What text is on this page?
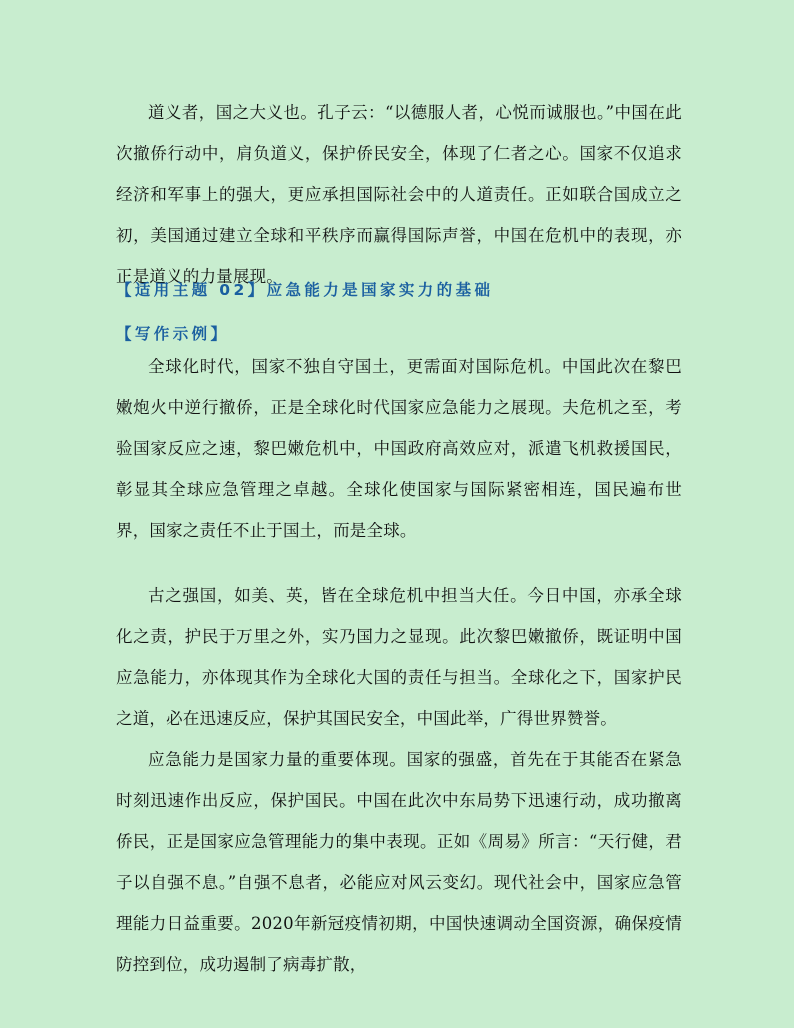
道义者，国之大义也。孔子云：“以德服人者，心悦而诚服也。”中国在此次撤侨行动中，肩负道义，保护侨民安全，体现了仁者之心。国家不仅追求经济和军事上的强大，更应承担国际社会中的人道责任。正如联合国成立之初，美国通过建立全球和平秩序而赢得国际声誉，中国在危机中的表现，亦正是道义的力量展现。

【适用主题 02】应急能力是国家实力的基础

【写作示例】

全球化时代，国家不独自守国土，更需面对国际危机。中国此次在黎巴嫩炮火中逆行撤侨，正是全球化时代国家应急能力之展现。夫危机之至，考验国家反应之速，黎巴嫩危机中，中国政府高效应对，派遣飞机救援国民，彰显其全球应急管理之卓越。全球化使国家与国际紧密相连，国民遍布世界，国家之责任不止于国土，而是全球。

古之强国，如美、英，皆在全球危机中担当大任。今日中国，亦承全球化之责，护民于万里之外，实乃国力之显现。此次黎巴嫩撤侨，既证明中国应急能力，亦体现其作为全球化大国的责任与担当。全球化之下，国家护民之道，必在迅速反应，保护其国民安全，中国此举，广得世界赞誉。

应急能力是国家力量的重要体现。国家的强盛，首先在于其能否在紧急时刻迅速作出反应，保护国民。中国在此次中东局势下迅速行动，成功撤离侨民，正是国家应急管理能力的集中表现。正如《周易》所言：“天行健，君子以自强不息。”自强不息者，必能应对风云变幻。现代社会中，国家应急管理能力日益重要。2020年新冠疫情初期，中国快速调动全国资源，确保疫情防控到位，成功遏制了病毒扩散，
